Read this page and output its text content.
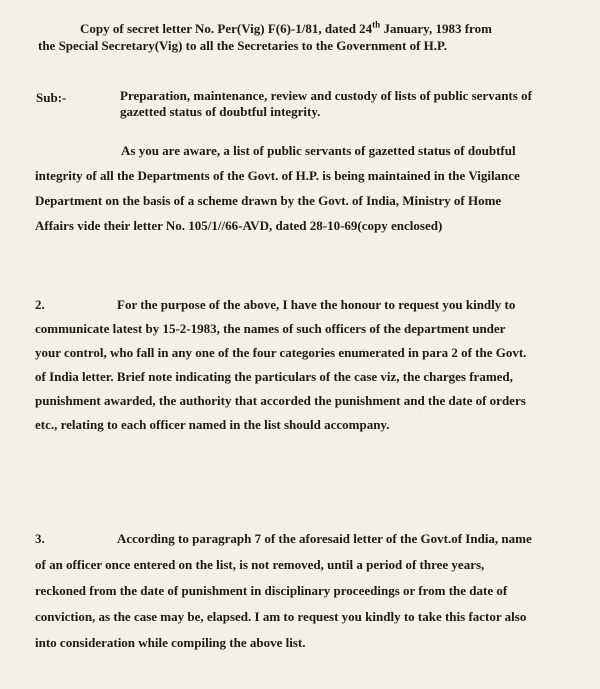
Copy of secret letter No. Per(Vig) F(6)-1/81, dated 24th January, 1983 from
the Special Secretary(Vig) to all the Secretaries to the Government of H.P.
Sub:-	Preparation, maintenance, review and custody of lists of public servants of
gazetted status of doubtful integrity.
As you are aware, a list of public servants of gazetted status of doubtful
integrity of all the Departments of the Govt. of H.P. is being maintained in the Vigilance
Department on the basis of a scheme drawn by the Govt. of India, Ministry of Home
Affairs vide their letter No. 105/1//66-AVD, dated 28-10-69(copy enclosed)
2.	For the purpose of the above, I have the honour to request you kindly to
communicate latest by 15-2-1983, the names of such officers of the department under
your control, who fall in any one of the four categories enumerated in para 2 of the Govt.
of India letter. Brief note indicating the particulars of the case viz, the charges framed,
punishment awarded, the authority that accorded the punishment and the date of orders
etc., relating to each officer named in the list should accompany.
3.	According to paragraph 7 of the aforesaid letter of the Govt.of India, name
of an officer once entered on the list, is not removed, until a period of three years,
reckoned from the date of punishment in disciplinary proceedings or from the date of
conviction, as the case may be, elapsed. I am to request you kindly to take this factor also
into consideration while compiling the above list.
